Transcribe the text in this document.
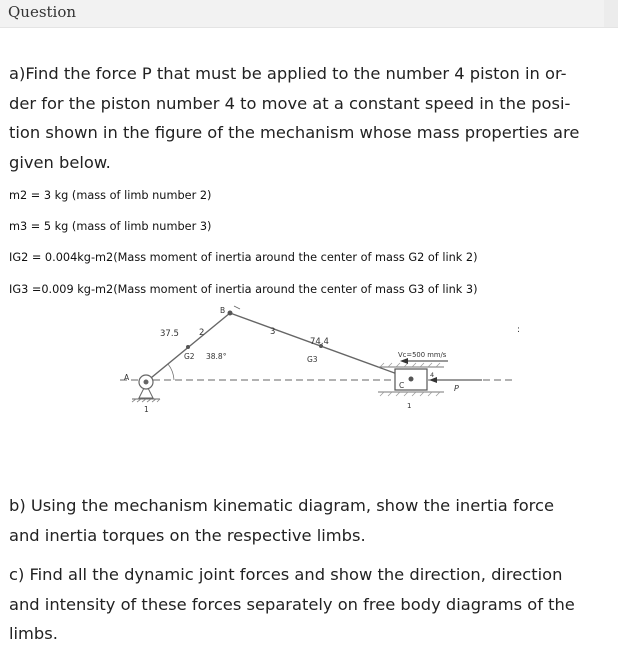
Question
a)Find the force P that must be applied to the number 4 piston in or-
der for the piston number 4 to move at a constant speed in the posi-
tion shown in the figure of the mechanism whose mass properties are
given below.
m2 = 3 kg (mass of limb number 2)
m3 = 5 kg (mass of limb number 3)
IG2 = 0.004kg-m2(Mass moment of inertia around the center of mass G2 of link 2)
IG3 =0.009 kg-m2(Mass moment of inertia around the center of mass G3 of link 3)
:
37.5 2
B
3
74.4
G2 38.8°	G3
A
1
Vc=500 mm/s
C
4
1
P
b) Using the mechanism kinematic diagram, show the inertia force
and inertia torques on the respective limbs.
c) Find all the dynamic joint forces and show the direction, direction
and intensity of these forces separately on free body diagrams of the
limbs.
